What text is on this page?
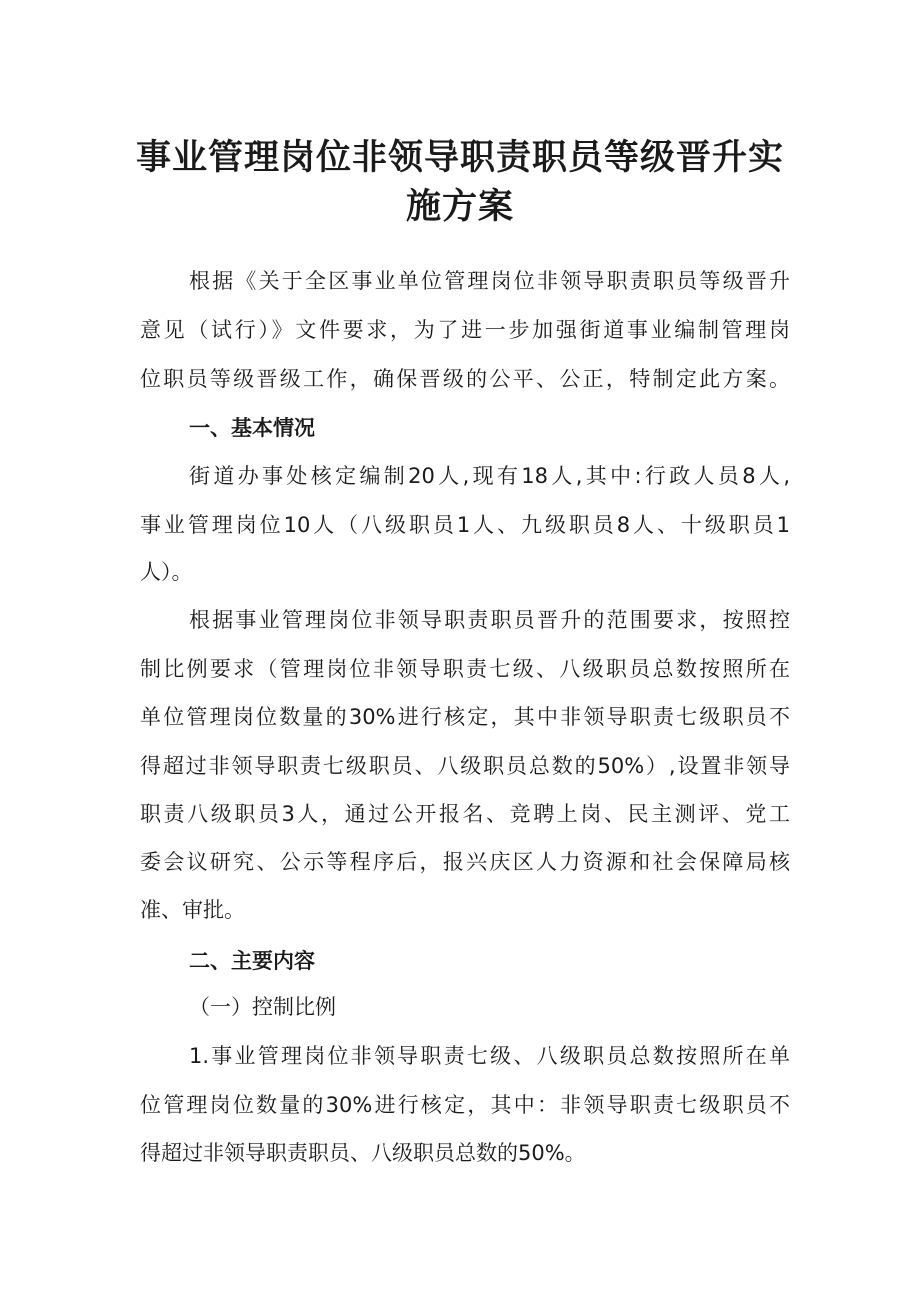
事业管理岗位非领导职责职员等级晋升实
施方案
根据《关于全区事业单位管理岗位非领导职责职员等级晋升
意见（试行）》文件要求，为了进一步加强街道事业编制管理岗
位职员等级晋级工作，确保晋级的公平、公正，特制定此方案。
一、基本情况
街道办事处核定编制20人,现有18人,其中:行政人员8人,
事业管理岗位10人（八级职员1人、九级职员8人、十级职员1
人）。
根据事业管理岗位非领导职责职员晋升的范围要求，按照控
制比例要求（管理岗位非领导职责七级、八级职员总数按照所在
单位管理岗位数量的30%进行核定，其中非领导职责七级职员不
得超过非领导职责七级职员、八级职员总数的50%）,设置非领导
职责八级职员3人，通过公开报名、竞聘上岗、民主测评、党工
委会议研究、公示等程序后，报兴庆区人力资源和社会保障局核
准、审批。
二、主要内容
（一）控制比例
1.事业管理岗位非领导职责七级、八级职员总数按照所在单
位管理岗位数量的30%进行核定，其中：非领导职责七级职员不
得超过非领导职责职员、八级职员总数的50%。
